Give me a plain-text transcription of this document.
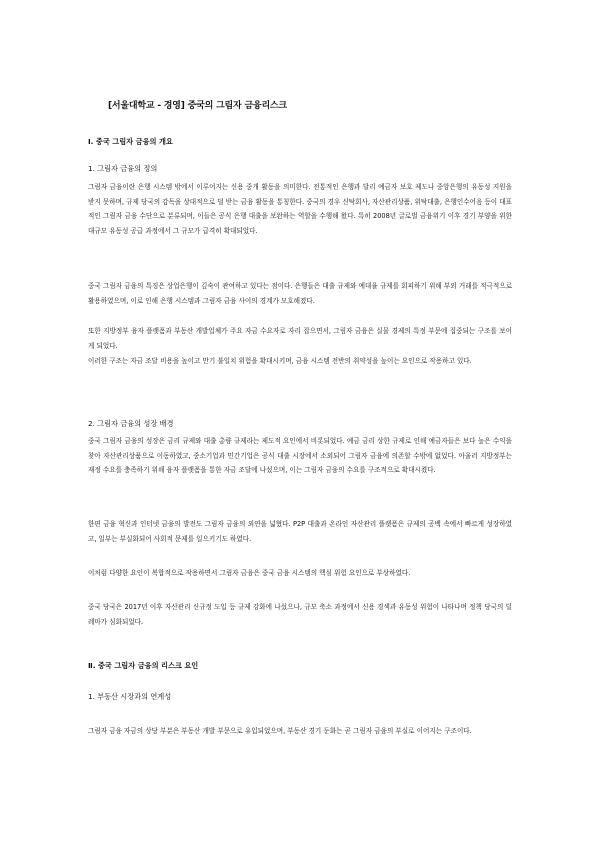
[서울대학교 - 경영] 중국의 그림자 금융리스크
Ⅰ. 중국 그림자 금융의 개요
1. 그림자 금융의 정의
그림자 금융이란 은행 시스템 밖에서 이루어지는 신용 중개 활동을 의미한다. 전통적인 은행과 달리 예금자 보호 제도나 중앙은행의 유동성 지원을 받지 못하며, 규제 당국의 감독을 상대적으로 덜 받는 금융 활동을 통칭한다. 중국의 경우 신탁회사, 자산관리상품, 위탁대출, 은행인수어음 등이 대표적인 그림자 금융 수단으로 분류되며, 이들은 공식 은행 대출을 보완하는 역할을 수행해 왔다. 특히 2008년 글로벌 금융위기 이후 경기 부양을 위한 대규모 유동성 공급 과정에서 그 규모가 급격히 확대되었다.
중국 그림자 금융의 특징은 상업은행이 깊숙이 관여하고 있다는 점이다. 은행들은 대출 규제와 예대율 규제를 회피하기 위해 부외 거래를 적극적으로 활용하였으며, 이로 인해 은행 시스템과 그림자 금융 사이의 경계가 모호해졌다.
또한 지방정부 융자 플랫폼과 부동산 개발업체가 주요 자금 수요자로 자리 잡으면서, 그림자 금융은 실물 경제의 특정 부문에 집중되는 구조를 보이게 되었다.
이러한 구조는 자금 조달 비용을 높이고 만기 불일치 위험을 확대시키며, 금융 시스템 전반의 취약성을 높이는 요인으로 작용하고 있다.
2. 그림자 금융의 성장 배경
중국 그림자 금융의 성장은 금리 규제와 대출 총량 규제라는 제도적 요인에서 비롯되었다. 예금 금리 상한 규제로 인해 예금자들은 보다 높은 수익을 찾아 자산관리상품으로 이동하였고, 중소기업과 민간기업은 공식 대출 시장에서 소외되어 그림자 금융에 의존할 수밖에 없었다. 아울러 지방정부는 재정 수요를 충족하기 위해 융자 플랫폼을 통한 자금 조달에 나섰으며, 이는 그림자 금융의 수요를 구조적으로 확대시켰다.
한편 금융 혁신과 인터넷 금융의 발전도 그림자 금융의 외연을 넓혔다. P2P 대출과 온라인 자산관리 플랫폼은 규제의 공백 속에서 빠르게 성장하였고, 일부는 부실화되어 사회적 문제를 일으키기도 하였다.
이처럼 다양한 요인이 복합적으로 작용하면서 그림자 금융은 중국 금융 시스템의 핵심 위험 요인으로 부상하였다.
중국 당국은 2017년 이후 자산관리 신규정 도입 등 규제 강화에 나섰으나, 규모 축소 과정에서 신용 경색과 유동성 위험이 나타나며 정책 당국의 딜레마가 심화되었다.
Ⅱ. 중국 그림자 금융의 리스크 요인
1. 부동산 시장과의 연계성
그림자 금융 자금의 상당 부분은 부동산 개발 부문으로 유입되었으며, 부동산 경기 둔화는 곧 그림자 금융의 부실로 이어지는 구조이다.
